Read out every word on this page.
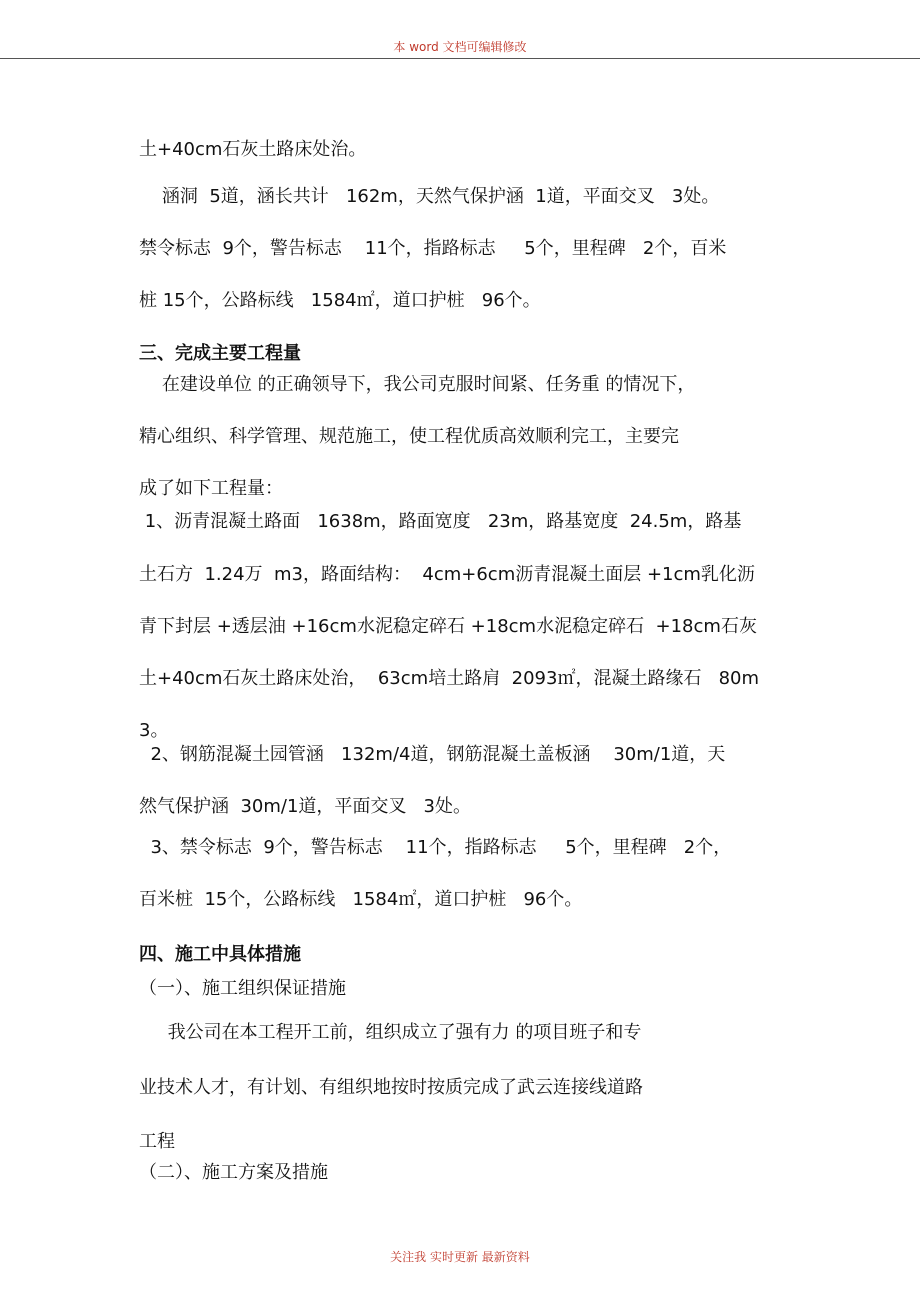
本 word 文档可编辑修改
土+40cm石灰土路床处治。
涵洞  5道，涵长共计   162m，天然气保护涵  1道，平面交叉   3处。
禁令标志  9个，警告标志    11个，指路标志     5个，里程碑   2个，百米
桩 15个，公路标线   1584㎡，道口护桩   96个。
三、完成主要工程量
在建设单位 的正确领导下，我公司克服时间紧、任务重 的情况下，
精心组织、科学管理、规范施工，使工程优质高效顺利完工，主要完
成了如下工程量：
1、沥青混凝土路面   1638m，路面宽度   23m，路基宽度  24.5m，路基
土石方  1.24万  m3，路面结构：  4cm+6cm沥青混凝土面层 +1cm乳化沥
青下封层 +透层油 +16cm水泥稳定碎石 +18cm水泥稳定碎石  +18cm石灰
土+40cm石灰土路床处治，  63cm培土路肩  2093㎡，混凝土路缘石   80m
3。
2、钢筋混凝土园管涵   132m/4道，钢筋混凝土盖板涵    30m/1道，天
然气保护涵  30m/1道，平面交叉   3处。
3、禁令标志  9个，警告标志    11个，指路标志     5个，里程碑   2个，
百米桩  15个，公路标线   1584㎡，道口护桩   96个。
四、施工中具体措施
（一）、施工组织保证措施
我公司在本工程开工前，组织成立了强有力 的项目班子和专
业技术人才，有计划、有组织地按时按质完成了武云连接线道路
工程
（二）、施工方案及措施
关注我 实时更新 最新资料
